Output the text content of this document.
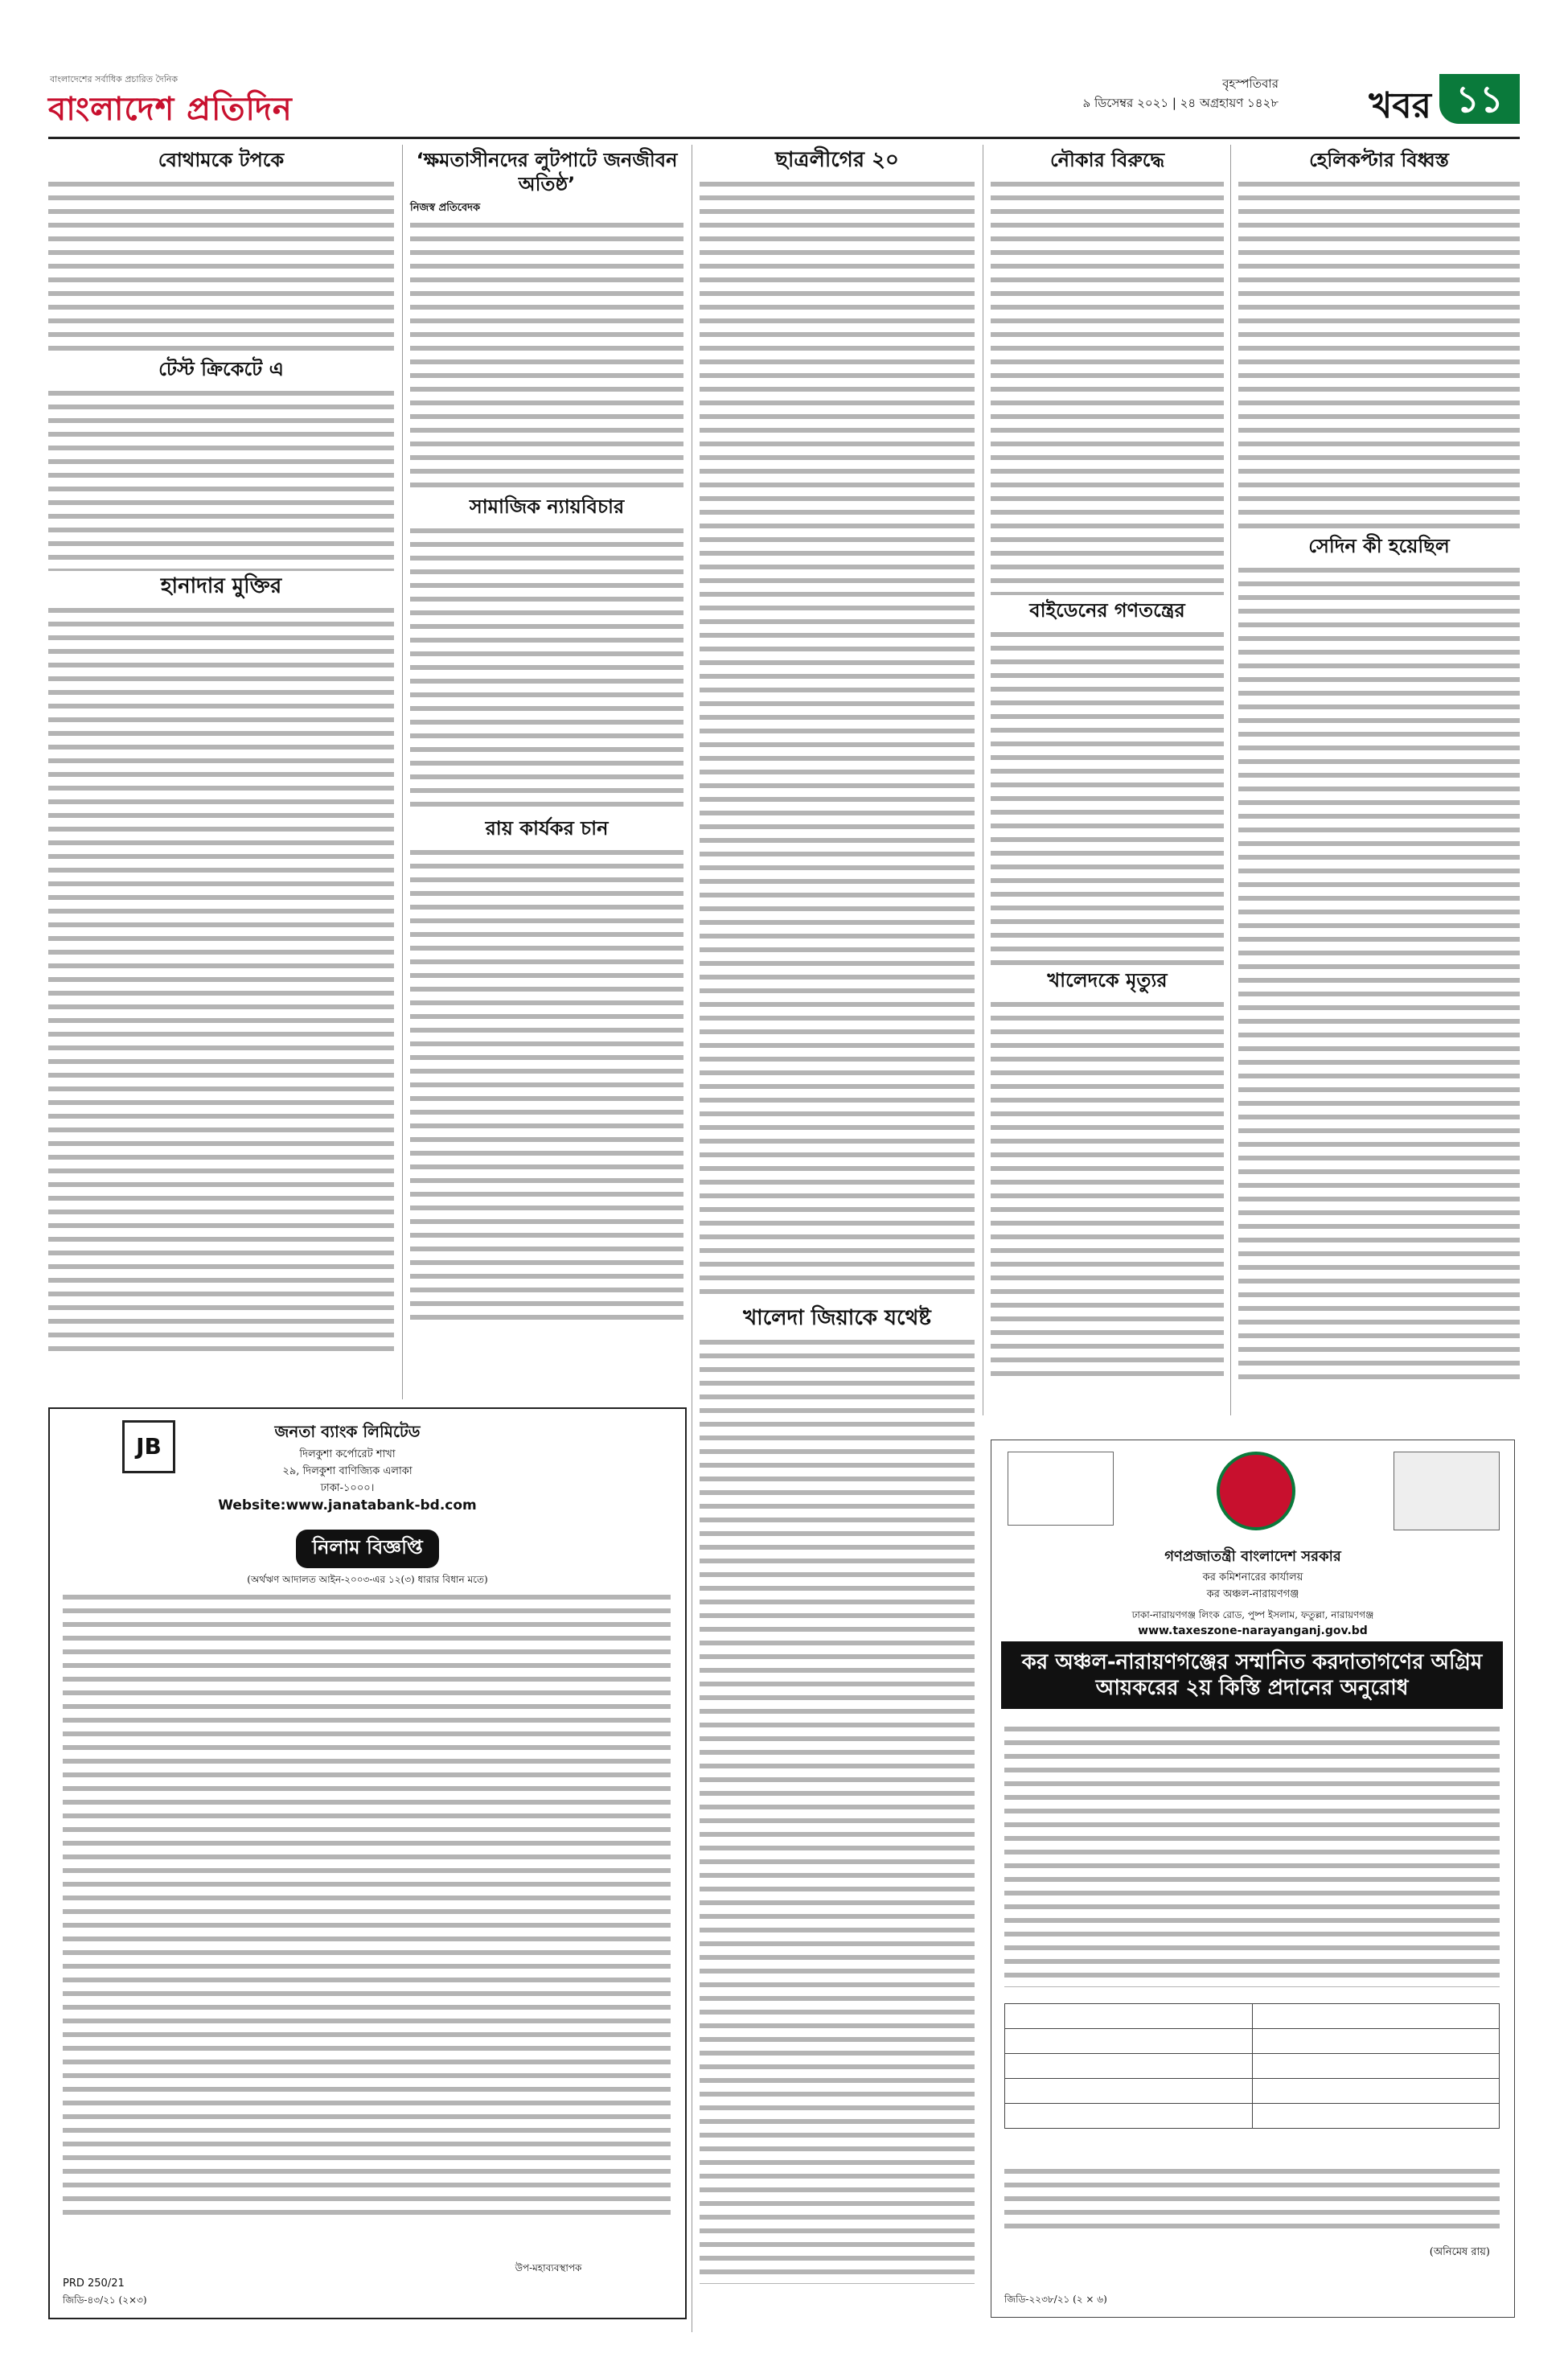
বাংলাদেশের সর্বাধিক প্রচারিত দৈনিক
বাংলাদেশ প্রতিদিন
বৃহস্পতিবার
৯ ডিসেম্বর ২০২১ | ২৪ অগ্রহায়ণ ১৪২৮	খবর ১১
বোথামকে টপকে
টেস্ট ক্রিকেটে এ
হানাদার মুক্তির
‘ক্ষমতাসীনদের লুটপাটে জনজীবন অতিষ্ঠ’
নিজস্ব প্রতিবেদক
সামাজিক ন্যায়বিচার
রায় কার্যকর চান
ছাত্রলীগের ২০
খালেদা জিয়াকে যথেষ্ট
নৌকার বিরুদ্ধে
বাইডেনের গণতন্ত্রের
খালেদকে মৃত্যুর
হেলিকপ্টার বিধ্বস্ত
সেদিন কী হয়েছিল
JB
জনতা ব্যাংক লিমিটেড
দিলকুশা কর্পোরেট শাখা
২৯, দিলকুশা বাণিজ্যিক এলাকা
ঢাকা-১০০০।
Website:www.janatabank-bd.com
নিলাম বিজ্ঞপ্তি
(অর্থঋণ আদালত আইন-২০০৩-এর ১২(৩) ধারার বিধান মতে)
PRD 250/21
জিডি-৪৩/২১ (২×৩)
উপ-মহাব্যবস্থাপক
গণপ্রজাতন্ত্রী বাংলাদেশ সরকার
কর কমিশনারের কার্যালয়
কর অঞ্চল-নারায়ণগঞ্জ
ঢাকা-নারায়ণগঞ্জ লিংক রোড, পুষ্প ইসলাম, ফতুল্লা, নারায়ণগঞ্জ
www.taxeszone-narayanganj.gov.bd
কর অঞ্চল-নারায়ণগঞ্জের সম্মানিত করদাতাগণের অগ্রিম আয়করের ২য় কিস্তি প্রদানের অনুরোধ

(অনিমেষ রায়)
জিডি-২২৩৮/২১ (২ × ৬)
